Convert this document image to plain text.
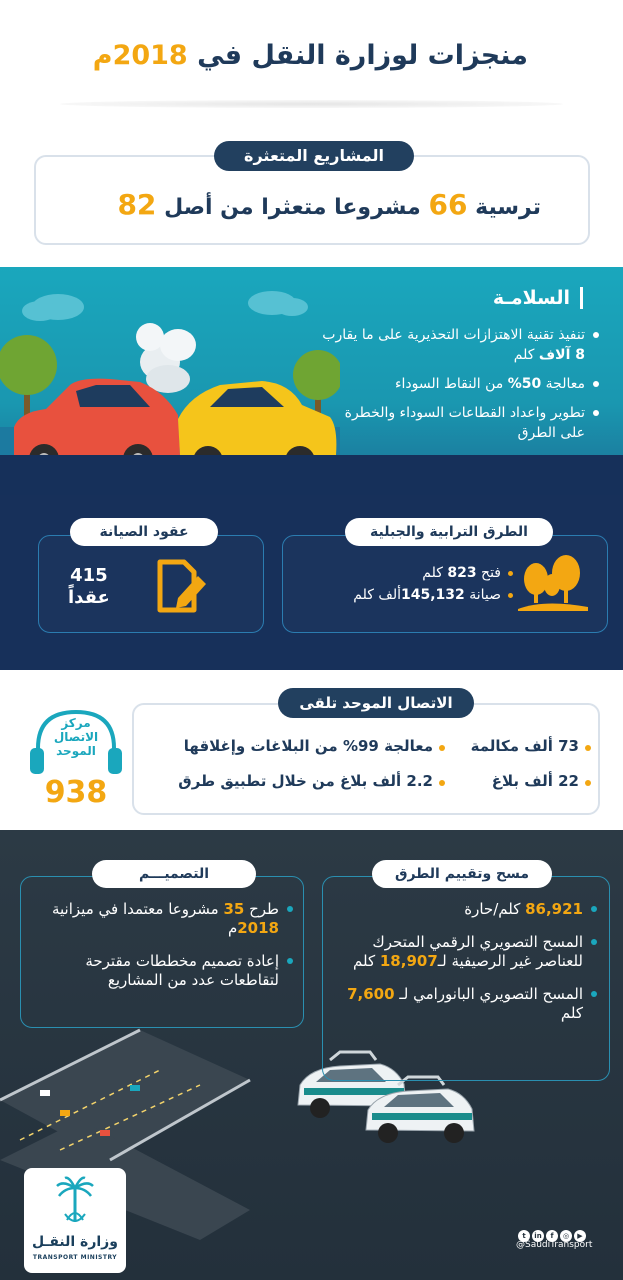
منجزات لوزارة النقل في 2018م
المشاريع المتعثرة
ترسية 66 مشروعا متعثرا من أصل 82
السلامـة
تنفيذ تقنية الاهتزازات التحذيرية على ما يقارب 8 آلاف كلم
معالجة 50% من النقاط السوداء
تطوير واعداد القطاعات السوداء والخطرة على الطرق
الطرق الترابية والجبلية
فتح 823 كلم
صيانة 145,132ألف كلم
عقود الصيانة
415
عقداً
الاتصال الموحد تلقى
73 ألف مكالمة
22 ألف بلاغ
معالجة 99% من البلاغات وإغلاقها
2.2 ألف بلاغ من خلال تطبيق طرق
مركز الاتصال الموحد
938
مسح وتقييم الطرق
التصميـــم
86,921 كلم/حارة
المسح التصويري الرقمي المتحرك للعناصر غير الرصيفية لـ18,907 كلم
المسح التصويري البانورامي لـ 7,600 كلم
طرح 35 مشروعا معتمدا في ميزانية 2018م
إعادة تصميم مخططات مقترحة لتقاطعات عدد من المشاريع
وزارة النقـل
TRANSPORT MINISTRY
t in f ◎ ▶
@SaudiTransport
